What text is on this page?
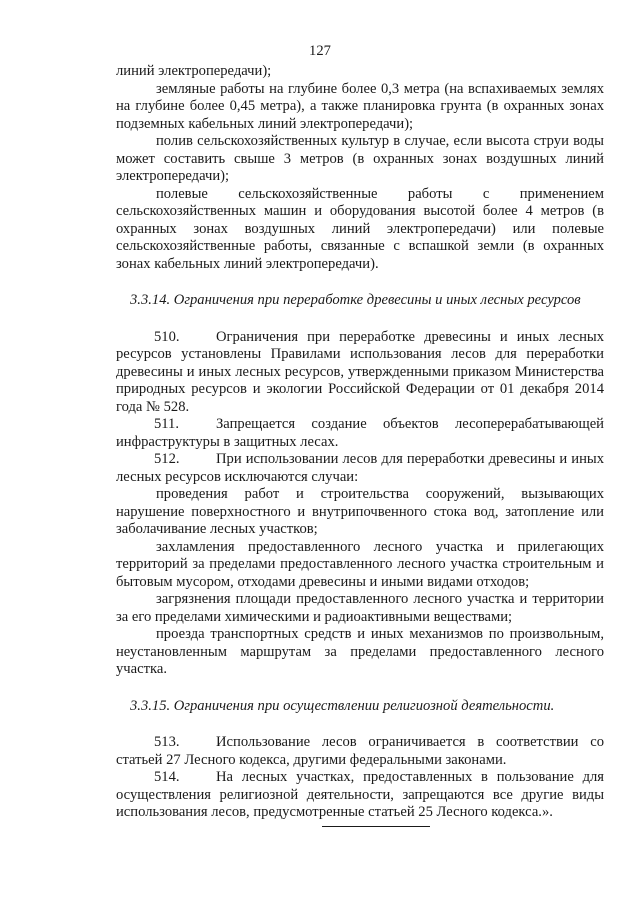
127

линий электропередачи);

земляные работы на глубине более 0,3 метра (на вспахиваемых землях на глубине более 0,45 метра), а также планировка грунта (в охранных зонах подземных кабельных линий электропередачи);

полив сельскохозяйственных культур в случае, если высота струи воды может составить свыше 3 метров (в охранных зонах воздушных линий электропередачи);

полевые сельскохозяйственные работы с применением сельскохозяйственных машин и оборудования высотой более 4 метров (в охранных зонах воздушных линий электропередачи) или полевые сельскохозяйственные работы, связанные с вспашкой земли (в охранных зонах кабельных линий электропередачи).

3.3.14. Ограничения при переработке древесины и иных лесных ресурсов

510. Ограничения при переработке древесины и иных лесных ресурсов установлены Правилами использования лесов для переработки древесины и иных лесных ресурсов, утвержденными приказом Министерства природных ресурсов и экологии Российской Федерации от 01 декабря 2014 года № 528.

511.	Запрещается создание объектов лесоперерабатывающей инфраструктуры в защитных лесах.

512. При использовании лесов для переработки древесины и иных лесных ресурсов исключаются случаи:

проведения работ и строительства сооружений, вызывающих нарушение поверхностного и внутрипочвенного стока вод, затопление или заболачивание лесных участков;

захламления предоставленного лесного участка и прилегающих территорий за пределами предоставленного лесного участка строительным и бытовым мусором, отходами древесины и иными видами отходов;

загрязнения площади предоставленного лесного участка и территории за его пределами химическими и радиоактивными веществами;

проезда транспортных средств и иных механизмов по произвольным, неустановленным маршрутам за пределами предоставленного лесного участка.

3.3.15. Ограничения при осуществлении религиозной деятельности.

513. Использование лесов ограничивается в соответствии со статьей 27 Лесного кодекса, другими федеральными законами.

514. На лесных участках, предоставленных в пользование для осуществления религиозной деятельности, запрещаются все другие виды использования лесов, предусмотренные статьей 25 Лесного кодекса.».
